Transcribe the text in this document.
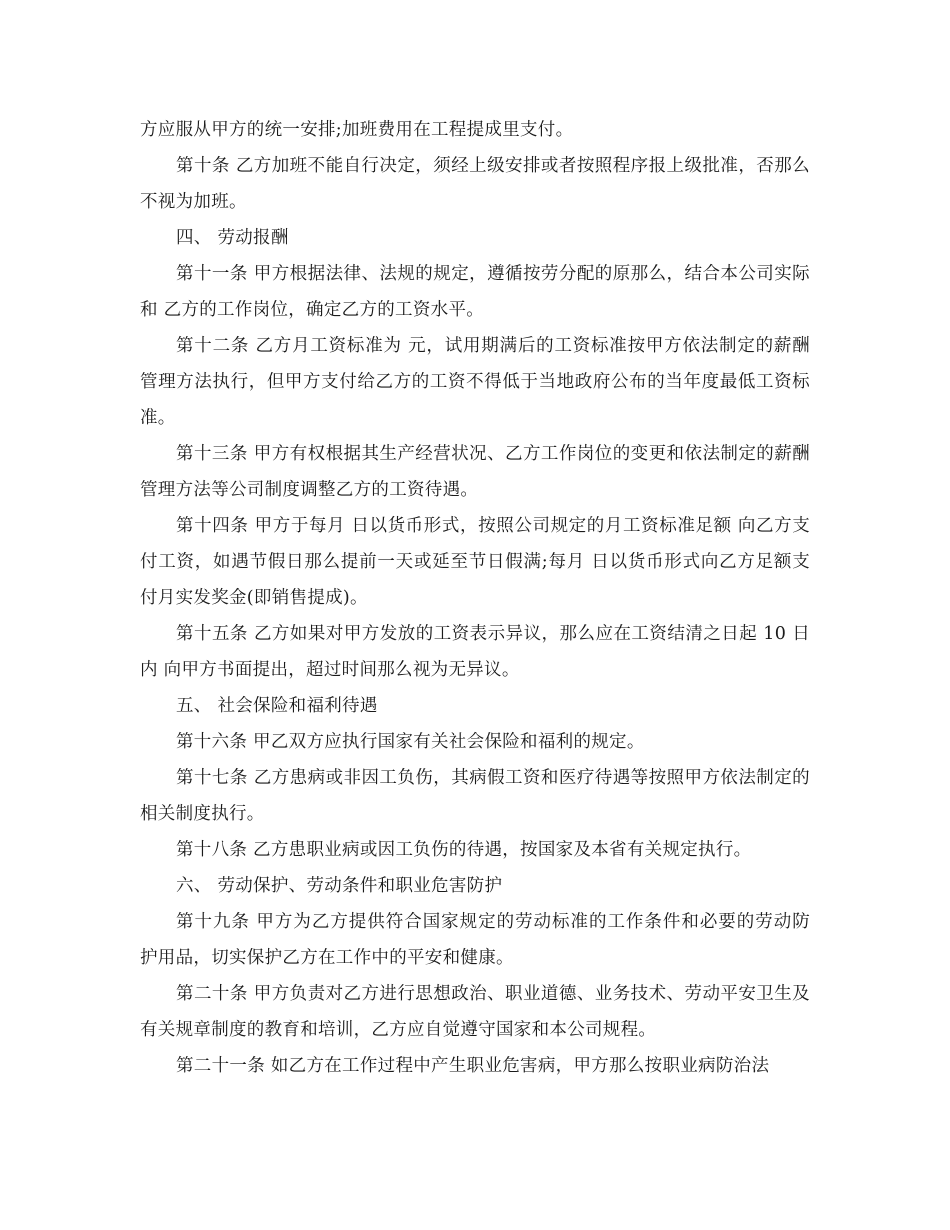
方应服从甲方的统一安排;加班费用在工程提成里支付。

第十条 乙方加班不能自行决定，须经上级安排或者按照程序报上级批准，否那么不视为加班。

四、 劳动报酬

第十一条 甲方根据法律、法规的规定，遵循按劳分配的原那么，结合本公司实际和 乙方的工作岗位，确定乙方的工资水平。

第十二条 乙方月工资标准为 元，试用期满后的工资标准按甲方依法制定的薪酬管理方法执行，但甲方支付给乙方的工资不得低于当地政府公布的当年度最低工资标准。

第十三条 甲方有权根据其生产经营状况、乙方工作岗位的变更和依法制定的薪酬管理方法等公司制度调整乙方的工资待遇。

第十四条 甲方于每月 日以货币形式，按照公司规定的月工资标准足额 向乙方支付工资，如遇节假日那么提前一天或延至节日假满;每月 日以货币形式向乙方足额支付月实发奖金(即销售提成)。

第十五条 乙方如果对甲方发放的工资表示异议，那么应在工资结清之日起 10 日内 向甲方书面提出，超过时间那么视为无异议。

五、 社会保险和福利待遇

第十六条 甲乙双方应执行国家有关社会保险和福利的规定。

第十七条 乙方患病或非因工负伤，其病假工资和医疗待遇等按照甲方依法制定的 相关制度执行。

第十八条 乙方患职业病或因工负伤的待遇，按国家及本省有关规定执行。

六、 劳动保护、劳动条件和职业危害防护

第十九条 甲方为乙方提供符合国家规定的劳动标准的工作条件和必要的劳动防 护用品，切实保护乙方在工作中的平安和健康。

第二十条 甲方负责对乙方进行思想政治、职业道德、业务技术、劳动平安卫生及 有关规章制度的教育和培训，乙方应自觉遵守国家和本公司规程。

第二十一条 如乙方在工作过程中产生职业危害病，甲方那么按职业病防治法
